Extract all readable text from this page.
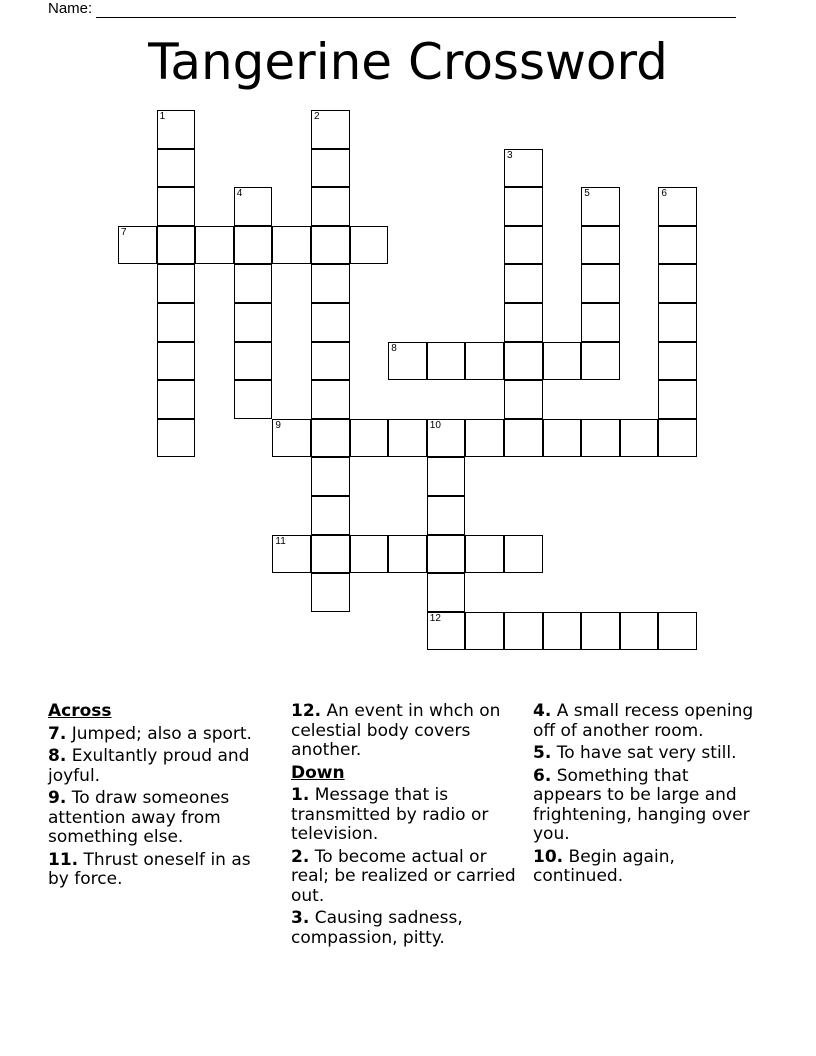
Name:
Tangerine Crossword
1	2
3
4	5	6
7
8
9	10
11
12
Across
7. Jumped; also a sport.
8. Exultantly proud and joyful.
9. To draw someones attention away from something else.
11. Thrust oneself in as by force.
12. An event in whch on celestial body covers another.
Down
1. Message that is transmitted by radio or television.
2. To become actual or real; be realized or carried out.
3. Causing sadness, compassion, pitty.
4. A small recess opening off of another room.
5. To have sat very still.
6. Something that appears to be large and frightening, hanging over you.
10. Begin again, continued.
